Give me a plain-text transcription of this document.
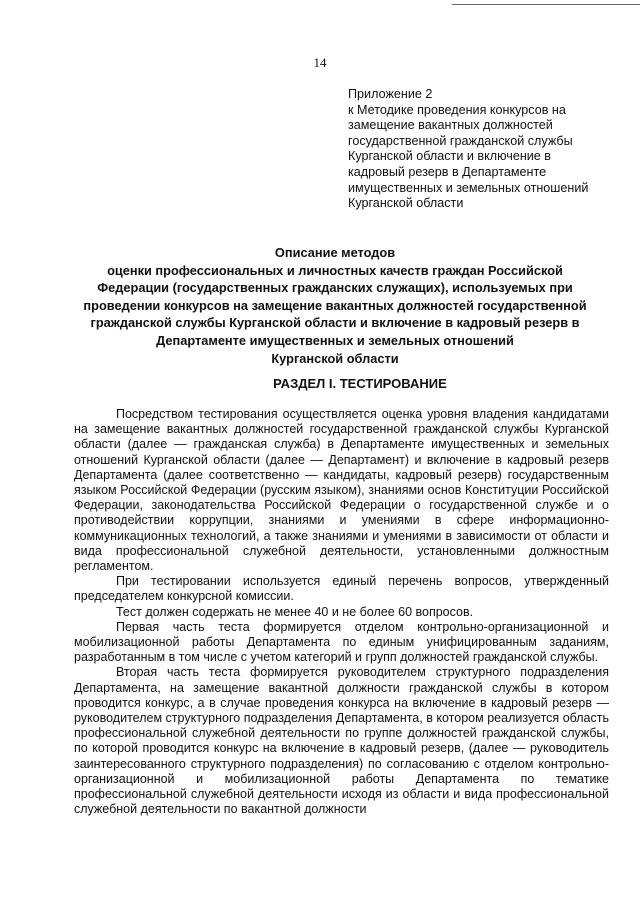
14
Приложение 2
к Методике проведения конкурсов на
замещение вакантных должностей
государственной гражданской службы
Курганской области и включение в
кадровый резерв в Департаменте
имущественных и земельных отношений
Курганской области
Описание методов
оценки профессиональных и личностных качеств граждан Российской
Федерации (государственных гражданских служащих), используемых при
проведении конкурсов на замещение вакантных должностей государственной
гражданской службы Курганской области и включение в кадровый резерв в
Департаменте имущественных и земельных отношений
Курганской области
РАЗДЕЛ I. ТЕСТИРОВАНИЕ

Посредством тестирования осуществляется оценка уровня владения кандидатами на замещение вакантных должностей государственной гражданской службы Курганской области (далее — гражданская служба) в Департаменте имущественных и земельных отношений Курганской области (далее — Департамент) и включение в кадровый резерв Департамента (далее соответственно — кандидаты, кадровый резерв) государственным языком Российской Федерации (русским языком), знаниями основ Конституции Российской Федерации, законодательства Российской Федерации о государственной службе и о противодействии коррупции, знаниями и умениями в сфере информационно-коммуникационных технологий, а также знаниями и умениями в зависимости от области и вида профессиональной служебной деятельности, установленными должностным регламентом.

При тестировании используется единый перечень вопросов, утвержденный председателем конкурсной комиссии.

Тест должен содержать не менее 40 и не более 60 вопросов.

Первая часть теста формируется отделом контрольно-организационной и мобилизационной работы Департамента по единым унифицированным заданиям, разработанным в том числе с учетом категорий и групп должностей гражданской службы.

Вторая часть теста формируется руководителем структурного подразделения Департамента, на замещение вакантной должности гражданской службы в котором проводится конкурс, а в случае проведения конкурса на включение в кадровый резерв — руководителем структурного подразделения Департамента, в котором реализуется область профессиональной служебной деятельности по группе должностей гражданской службы, по которой проводится конкурс на включение в кадровый резерв, (далее — руководитель заинтересованного структурного подразделения) по согласованию с отделом контрольно-организационной и мобилизационной работы Департамента по тематике профессиональной служебной деятельности исходя из области и вида профессиональной служебной деятельности по вакантной должности
